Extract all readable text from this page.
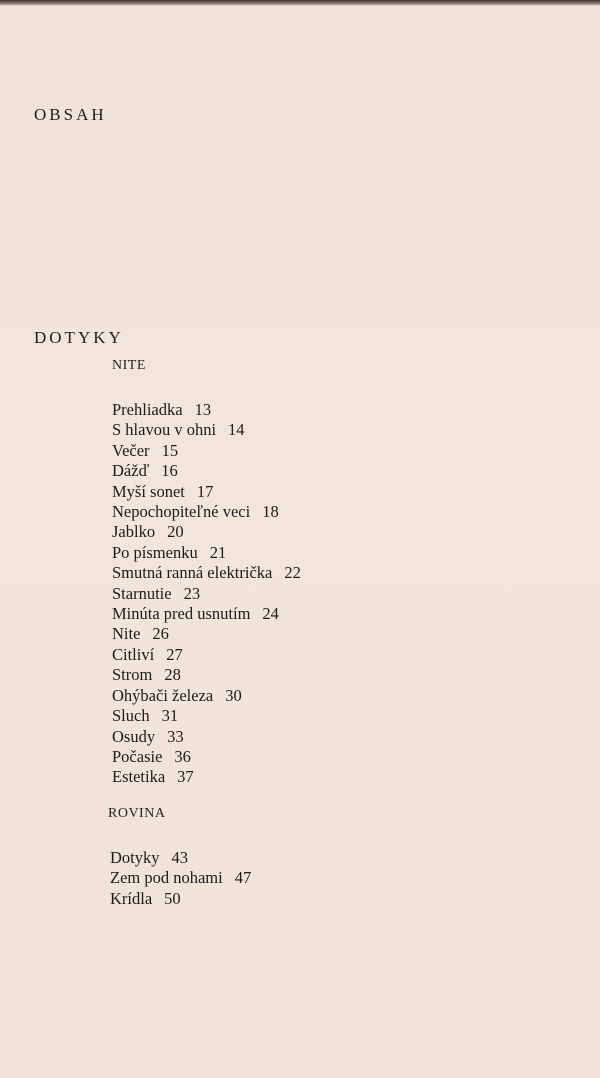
OBSAH
DOTYKY
NITE
Prehliadka 13
S hlavou v ohni 14
Večer 15
Dážď 16
Myší sonet 17
Nepochopiteľné veci 18
Jablko 20
Po písmenku 21
Smutná ranná električka 22
Starnutie 23
Minúta pred usnutím 24
Nite 26
Citliví 27
Strom 28
Ohýbači železa 30
Sluch 31
Osudy 33
Počasie 36
Estetika 37
ROVINA
Dotyky 43
Zem pod nohami 47
Krídla 50
